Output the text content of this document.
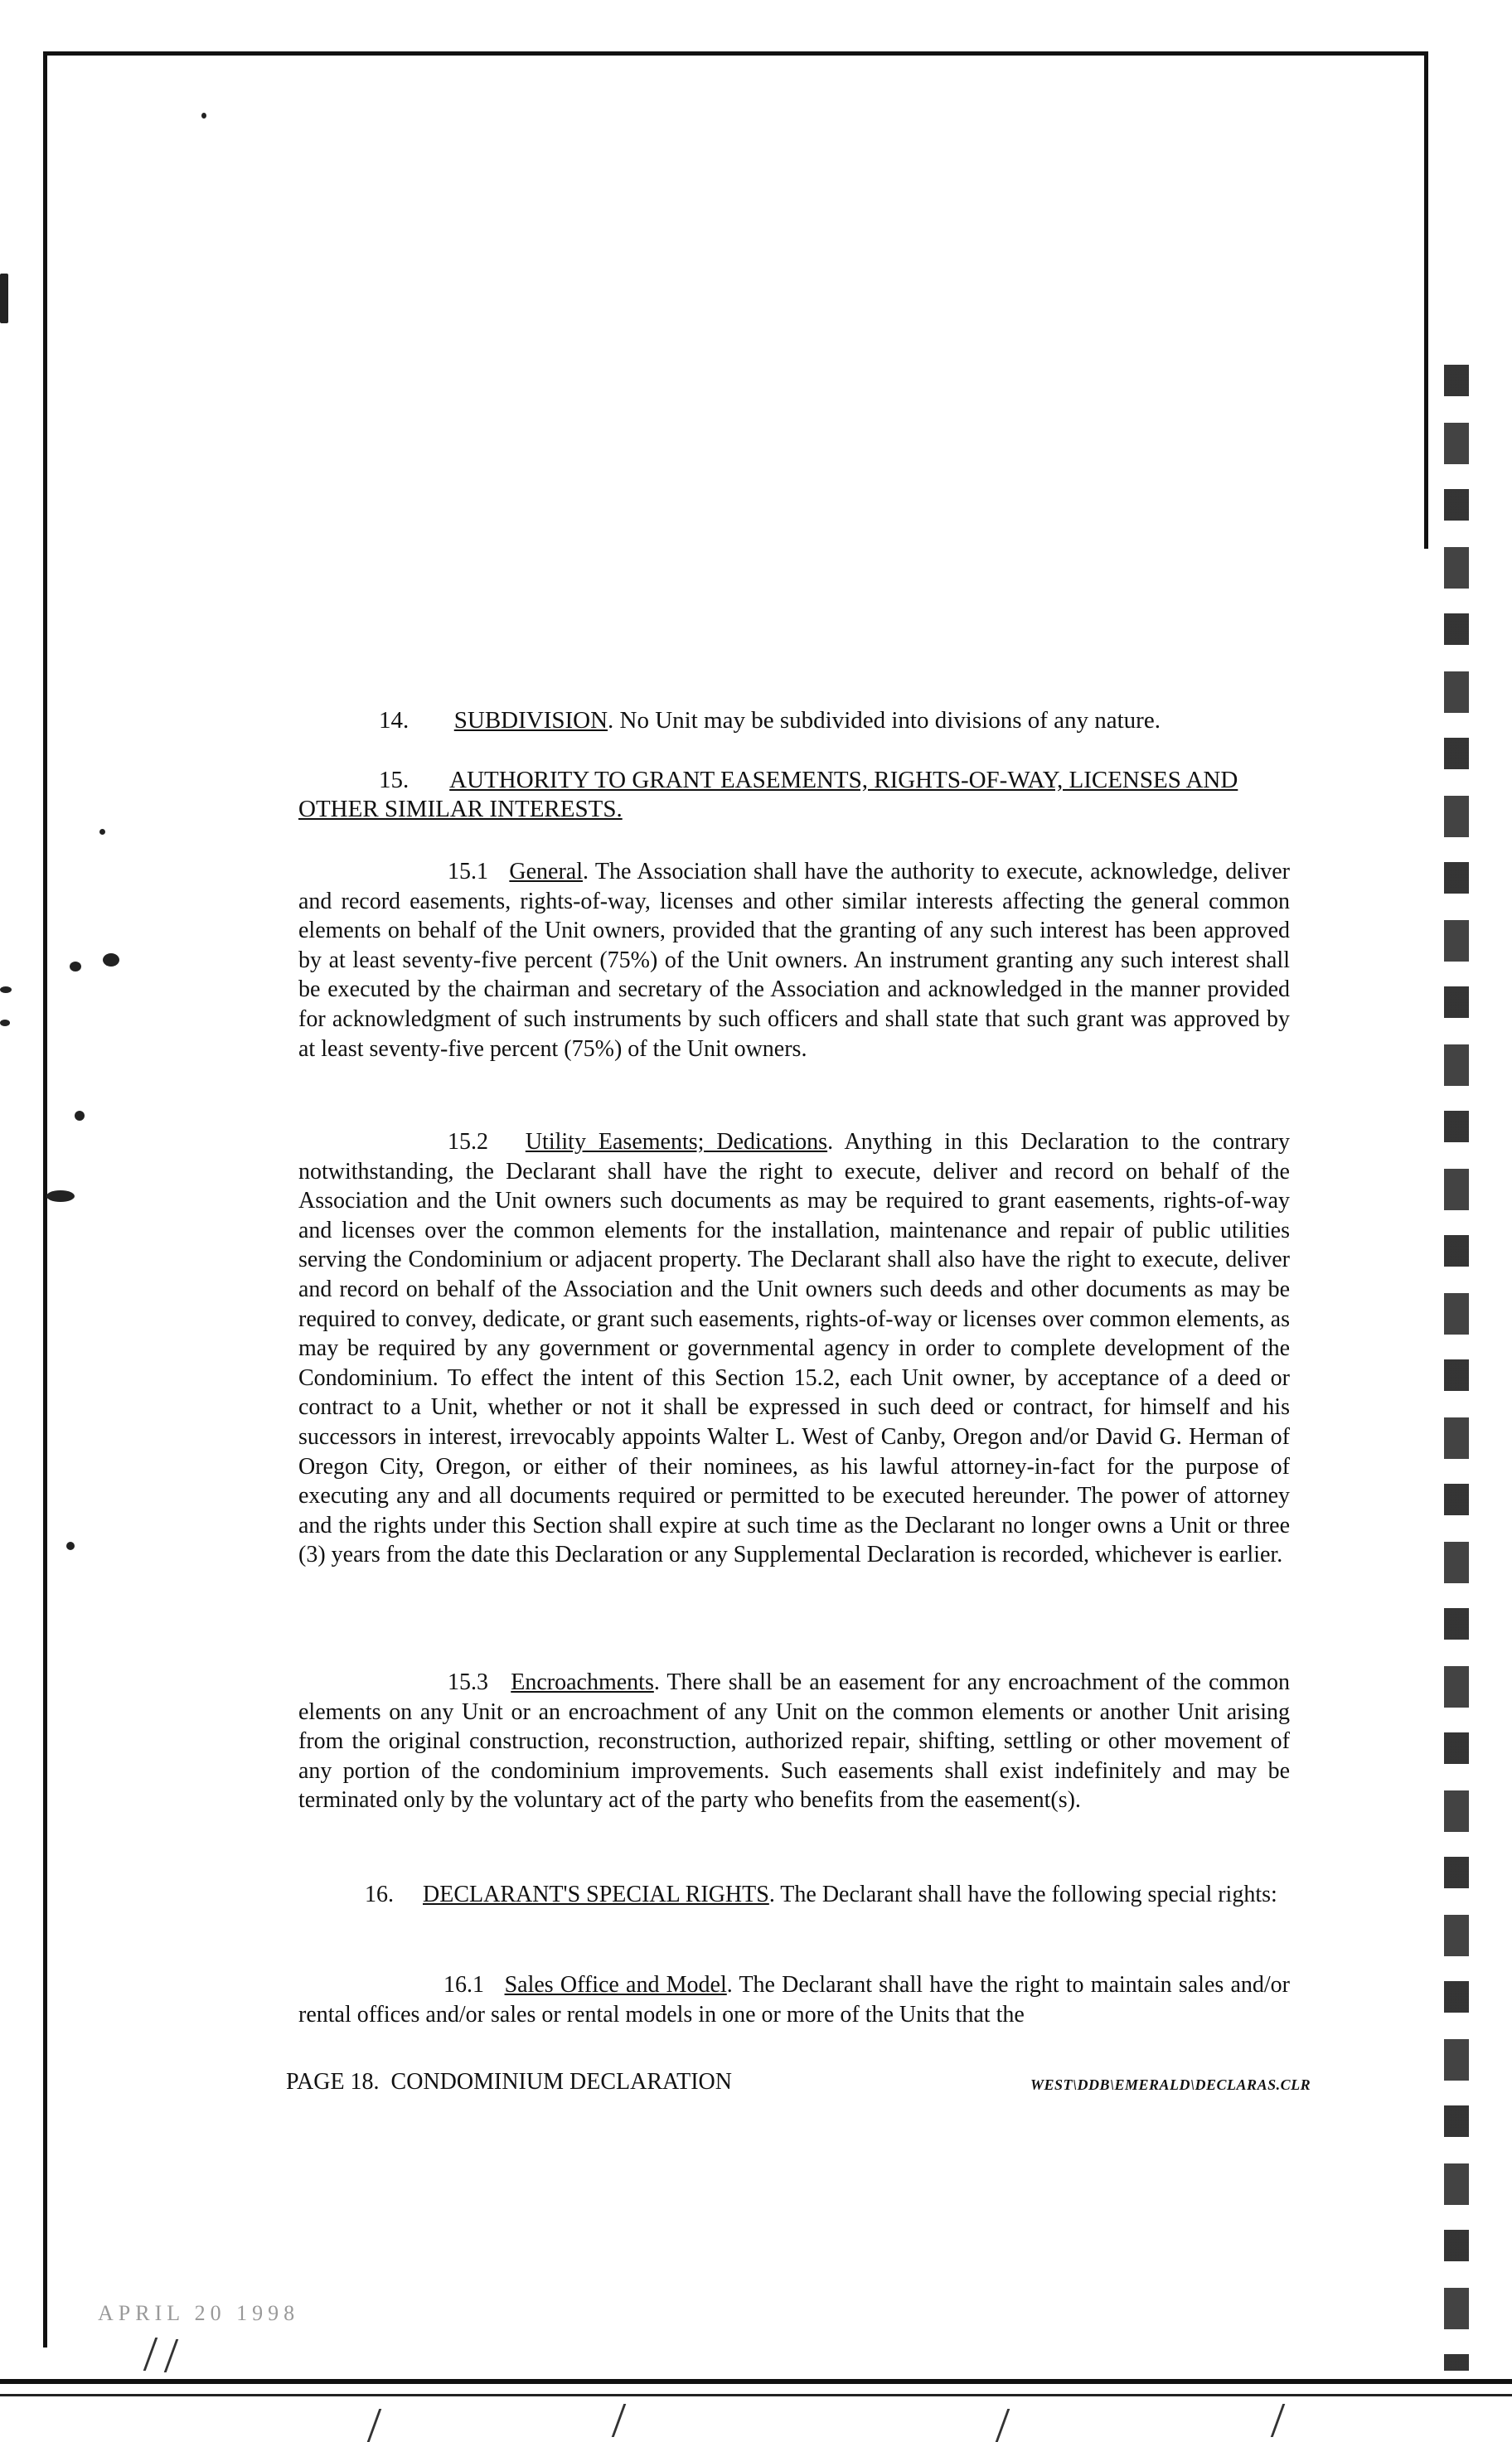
14. SUBDIVISION. No Unit may be subdivided into divisions of any nature.
15. AUTHORITY TO GRANT EASEMENTS, RIGHTS-OF-WAY, LICENSES AND
OTHER SIMILAR INTERESTS.
15.1 General. The Association shall have the authority to execute, acknowledge, deliver and record easements, rights-of-way, licenses and other similar interests affecting the general common elements on behalf of the Unit owners, provided that the granting of any such interest has been approved by at least seventy-five percent (75%) of the Unit owners. An instrument granting any such interest shall be executed by the chairman and secretary of the Association and acknowledged in the manner provided for acknowledgment of such instruments by such officers and shall state that such grant was approved by at least seventy-five percent (75%) of the Unit owners.
15.2 Utility Easements; Dedications. Anything in this Declaration to the contrary notwithstanding, the Declarant shall have the right to execute, deliver and record on behalf of the Association and the Unit owners such documents as may be required to grant easements, rights-of-way and licenses over the common elements for the installation, maintenance and repair of public utilities serving the Condominium or adjacent property. The Declarant shall also have the right to execute, deliver and record on behalf of the Association and the Unit owners such deeds and other documents as may be required to convey, dedicate, or grant such easements, rights-of-way or licenses over common elements, as may be required by any government or governmental agency in order to complete development of the Condominium. To effect the intent of this Section 15.2, each Unit owner, by acceptance of a deed or contract to a Unit, whether or not it shall be expressed in such deed or contract, for himself and his successors in interest, irrevocably appoints Walter L. West of Canby, Oregon and/or David G. Herman of Oregon City, Oregon, or either of their nominees, as his lawful attorney-in-fact for the purpose of executing any and all documents required or permitted to be executed hereunder. The power of attorney and the rights under this Section shall expire at such time as the Declarant no longer owns a Unit or three (3) years from the date this Declaration or any Supplemental Declaration is recorded, whichever is earlier.
15.3 Encroachments. There shall be an easement for any encroachment of the common elements on any Unit or an encroachment of any Unit on the common elements or another Unit arising from the original construction, reconstruction, authorized repair, shifting, settling or other movement of any portion of the condominium improvements. Such easements shall exist indefinitely and may be terminated only by the voluntary act of the party who benefits from the easement(s).
16. DECLARANT'S SPECIAL RIGHTS. The Declarant shall have the following special rights:
16.1 Sales Office and Model. The Declarant shall have the right to maintain sales and/or rental offices and/or sales or rental models in one or more of the Units that the
PAGE 18.  CONDOMINIUM DECLARATION	WEST\DDB\EMERALD\DECLARAS.CLR
APRIL 20 1998
